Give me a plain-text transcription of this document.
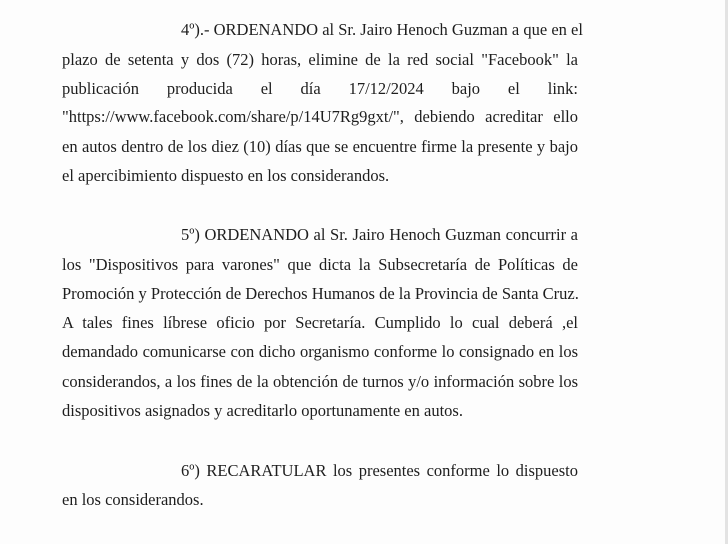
4º).- ORDENANDO al Sr. Jairo Henoch Guzman a que en el
plazo de setenta y dos (72) horas, elimine de la red social "Facebook" la
publicación producida el día 17/12/2024 bajo el link:
"https://www.facebook.com/share/p/14U7Rg9gxt/", debiendo acreditar ello
en autos dentro de los diez (10) días que se encuentre firme la presente y bajo
el apercibimiento dispuesto en los considerandos.
5º) ORDENANDO al Sr. Jairo Henoch Guzman concurrir a
los "Dispositivos para varones" que dicta la Subsecretaría de Políticas de
Promoción y Protección de Derechos Humanos de la Provincia de Santa Cruz.
A tales fines líbrese oficio por Secretaría. Cumplido lo cual deberá ,el
demandado comunicarse con dicho organismo conforme lo consignado en los
considerandos, a los fines de la obtención de turnos y/o información sobre los
dispositivos asignados y acreditarlo oportunamente en autos.
6º) RECARATULAR los presentes conforme lo dispuesto
en los considerandos.
